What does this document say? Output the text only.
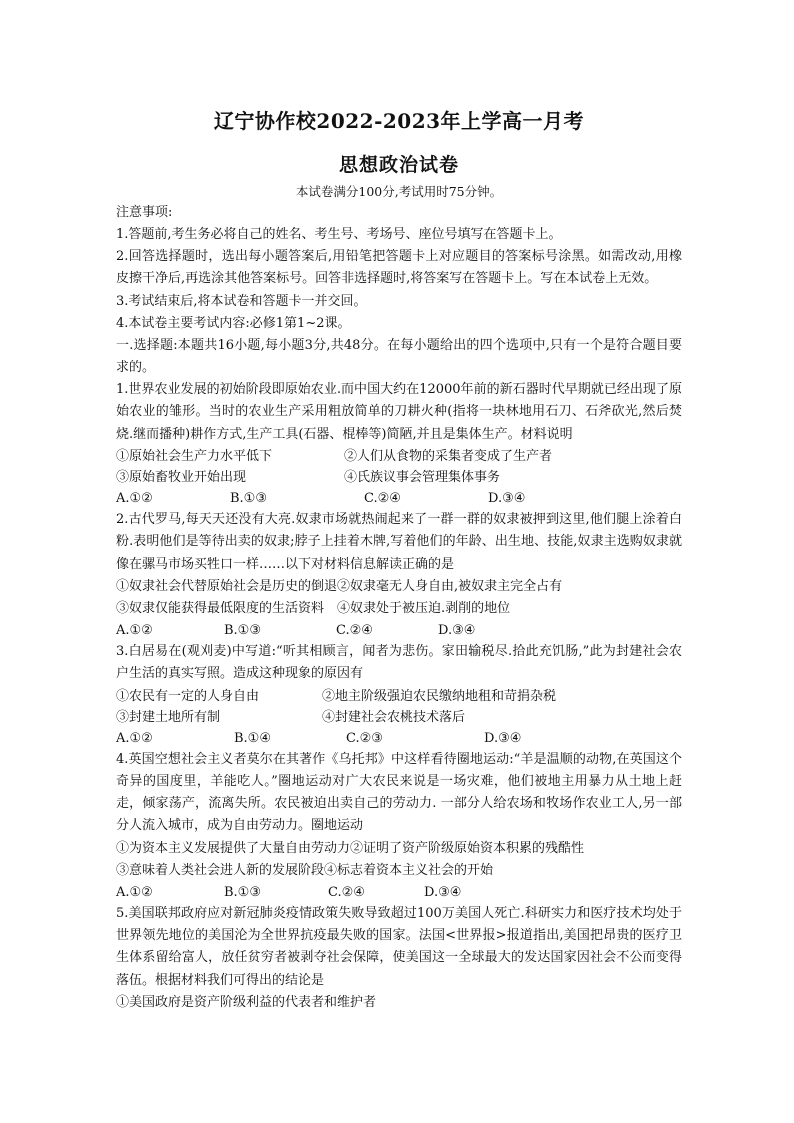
辽宁协作校2022-2023年上学高一月考
思想政治试卷
本试卷满分100分,考试用时75分钟。
注意事项:
1.答题前,考生务必将自己的姓名、考生号、考场号、座位号填写在答题卡上。
2.回答选择题时，选出每小题答案后,用铅笔把答题卡上对应题目的答案标号涂黑。如需改动,用橡皮擦干净后,再选涂其他答案标号。回答非选择题时,将答案写在答题卡上。写在本试卷上无效。
3.考试结束后,将本试卷和答题卡一并交回。
4.本试卷主要考试内容:必修1第1~2课。
一.选择题:本题共16小题,每小题3分,共48分。在每小题给出的四个选项中,只有一个是符合题目要求的。
1.世界农业发展的初始阶段即原始农业.而中国大约在12000年前的新石器时代早期就已经出现了原始农业的雏形。当时的农业生产采用粗放简单的刀耕火种(指将一块林地用石刀、石斧砍光,然后焚烧.继而播种)耕作方式,生产工具(石器、棍棒等)简陋,并且是集体生产。材料说明
①原始社会生产力水平低下	②人们从食物的采集者变成了生产者
③原始畜牧业开始出现	④氏族议事会管理集体事务
A.①②	B.①③	C.②④	D.③④
2.古代罗马,每天天还没有大亮.奴隶市场就热闹起来了一群一群的奴隶被押到这里,他们腿上涂着白粉.表明他们是等待出卖的奴隶;脖子上挂着木牌,写着他们的年龄、出生地、技能,奴隶主选购奴隶就像在骡马市场买牲口一样……以下对材料信息解读正确的是
①奴隶社会代替原始社会是历史的倒退②奴隶毫无人身自由,被奴隶主完全占有
③奴隶仅能获得最低限度的生活资料　④奴隶处于被压迫.剥削的地位
A.①②	B.①③	C.②④	D.③④
3.白居易在(观刈麦)中写道:“听其相顾言，闻者为悲伤。家田输税尽.拾此充饥肠,”此为封建社会农户生活的真实写照。造成这种现象的原因有
①农民有一定的人身自由	②地主阶级强迫农民缴纳地租和苛捐杂税
③封建土地所有制	④封建社会农桃技术落后
A.①②	B.①④	C.②③	D.③④
4.英国空想社会主义者莫尔在其著作《乌托邦》中这样看待圈地运动:“羊是温顺的动物,在英国这个奇异的国度里，羊能吃人。”圈地运动对广大农民来说是一场灾难，他们被地主用暴力从土地上赶走，倾家荡产，流离失所。农民被迫出卖自己的劳动力. 一部分人给农场和牧场作农业工人,另一部分人流入城市，成为自由劳动力。圈地运动
①为资本主义发展提供了大量自由劳动力②证明了资产阶级原始资本积累的残酷性
③意味着人类社会进人新的发展阶段④标志着资本主义社会的开始
A.①②	B.①③	C.②④	D.③④
5.美国联邦政府应对新冠肺炎疫情政策失败导致超过100万美国人死亡.科研实力和医疗技术均处于世界领先地位的美国沦为全世界抗疫最失败的国家。法国<世界报>报道指出,美国把昂贵的医疗卫生体系留给富人，放任贫穷者被剥夺社会保障，使美国这一全球最大的发达国家因社会不公而变得落伍。根据材料我们可得出的结论是
①美国政府是资产阶级利益的代表者和维护者
